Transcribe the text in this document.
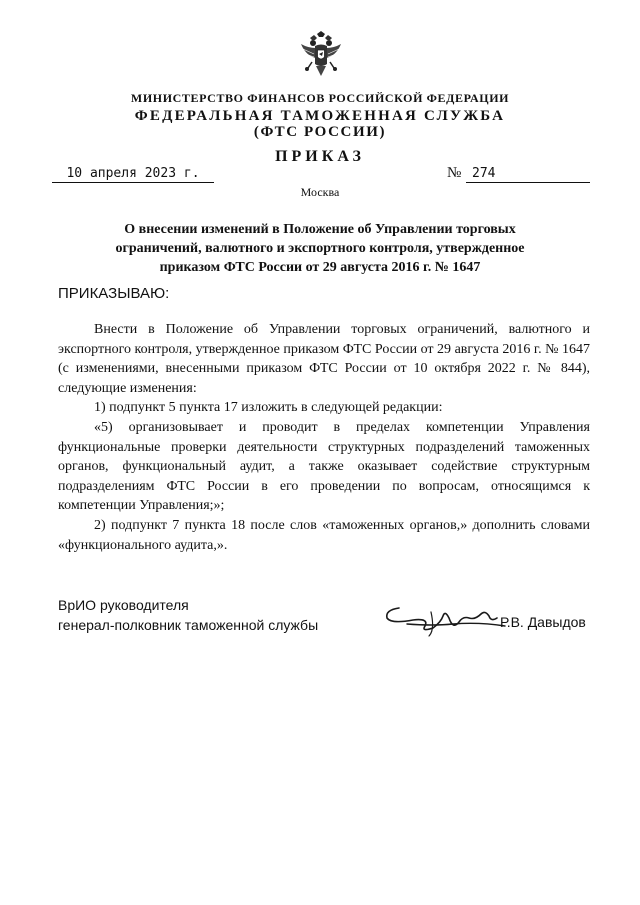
МИНИСТЕРСТВО ФИНАНСОВ РОССИЙСКОЙ ФЕДЕРАЦИИ
ФЕДЕРАЛЬНАЯ ТАМОЖЕННАЯ СЛУЖБА
(ФТС РОССИИ)
ПРИКАЗ
10 апреля 2023 г.	№ 274
Москва
О внесении изменений в Положение об Управлении торговых ограничений, валютного и экспортного контроля, утвержденное приказом ФТС России от 29 августа 2016 г. № 1647
ПРИКАЗЫВАЮ:

Внести в Положение об Управлении торговых ограничений, валютного и экспортного контроля, утвержденное приказом ФТС России от 29 августа 2016 г. № 1647 (с изменениями, внесенными приказом ФТС России от 10 октября 2022 г. № 844), следующие изменения:

1) подпункт 5 пункта 17 изложить в следующей редакции:

«5) организовывает и проводит в пределах компетенции Управления функциональные проверки деятельности структурных подразделений таможенных органов, функциональный аудит, а также оказывает содействие структурным подразделениям ФТС России в его проведении по вопросам, относящимся к компетенции Управления;»;

2) подпункт 7 пункта 18 после слов «таможенных органов,» дополнить словами «функционального аудита,».

ВрИО руководителя
генерал-полковник таможенной службы	Р.В. Давыдов
